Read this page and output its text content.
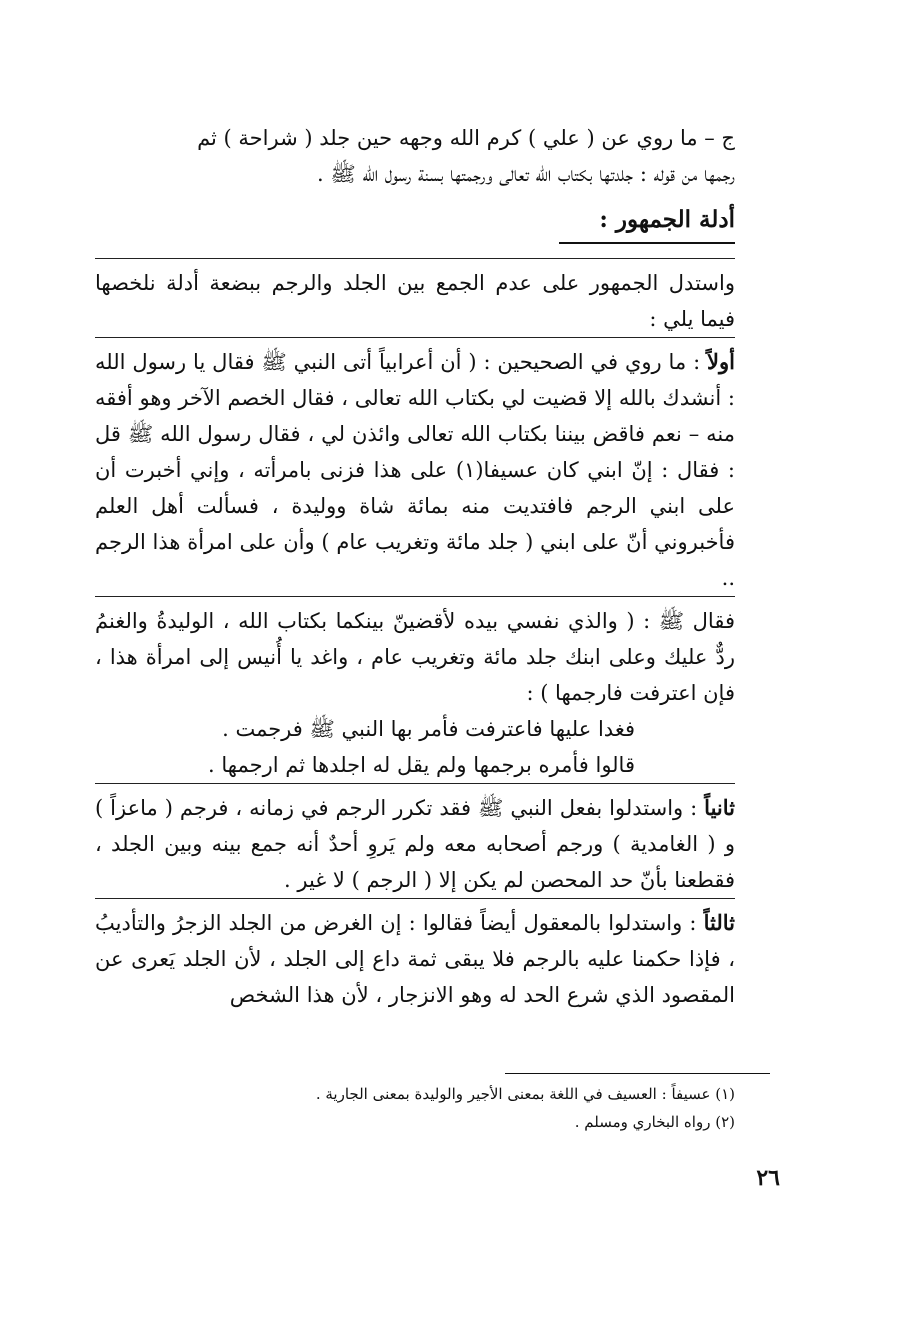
ج – ما روي عن ( علي ) كرم الله وجهه حين جلد ( شراحة ) ثم

رجمها من قوله : جلدتها بكتاب الله تعالى ورجمتها بسنة رسول الله ﷺ .

أدلة الجمهور :

واستدل الجمهور على عدم الجمع بين الجلد والرجم ببضعة أدلة نلخصها فيما يلي :

أولاً : ما روي في الصحيحين : ( أن أعرابياً أتى النبي ﷺ فقال يا رسول الله : أنشدك بالله إلا قضيت لي بكتاب الله تعالى ، فقال الخصم الآخر وهو أفقه منه – نعم فاقض بيننا بكتاب الله تعالى وائذن لي ، فقال رسول الله ﷺ قل : فقال : إنّ ابني كان عسيفا(١) على هذا فزنى بامرأته ، وإني أخبرت أن على ابني الرجم فافتديت منه بمائة شاة ووليدة ، فسألت أهل العلم فأخبروني أنّ على ابني ( جلد مائة وتغريب عام ) وأن على امرأة هذا الرجم ..

فقال ﷺ : ( والذي نفسي بيده لأقضينّ بينكما بكتاب الله ، الوليدةُ والغنمُ ردٌّ عليك وعلى ابنك جلد مائة وتغريب عام ، واغد يا أُنيس إلى امرأة هذا ، فإن اعترفت فارجمها ) :

فغدا عليها فاعترفت فأمر بها النبي ﷺ فرجمت .

قالوا فأمره برجمها ولم يقل له اجلدها ثم ارجمها .

ثانياً : واستدلوا بفعل النبي ﷺ فقد تكرر الرجم في زمانه ، فرجم ( ماعزاً ) و ( الغامدية ) ورجم أصحابه معه ولم يَروِ أحدٌ أنه جمع بينه وبين الجلد ، فقطعنا بأنّ حد المحصن لم يكن إلا ( الرجم ) لا غير .

ثالثاً : واستدلوا بالمعقول أيضاً فقالوا : إن الغرض من الجلد الزجرُ والتأديبُ ، فإذا حكمنا عليه بالرجم فلا يبقى ثمة داع إلى الجلد ، لأن الجلد يَعرى عن المقصود الذي شرع الحد له وهو الانزجار ، لأن هذا الشخص

(١) عسيفاً : العسيف في اللغة بمعنى الأجير والوليدة بمعنى الجارية .
(٢) رواه البخاري ومسلم .
٢٦
